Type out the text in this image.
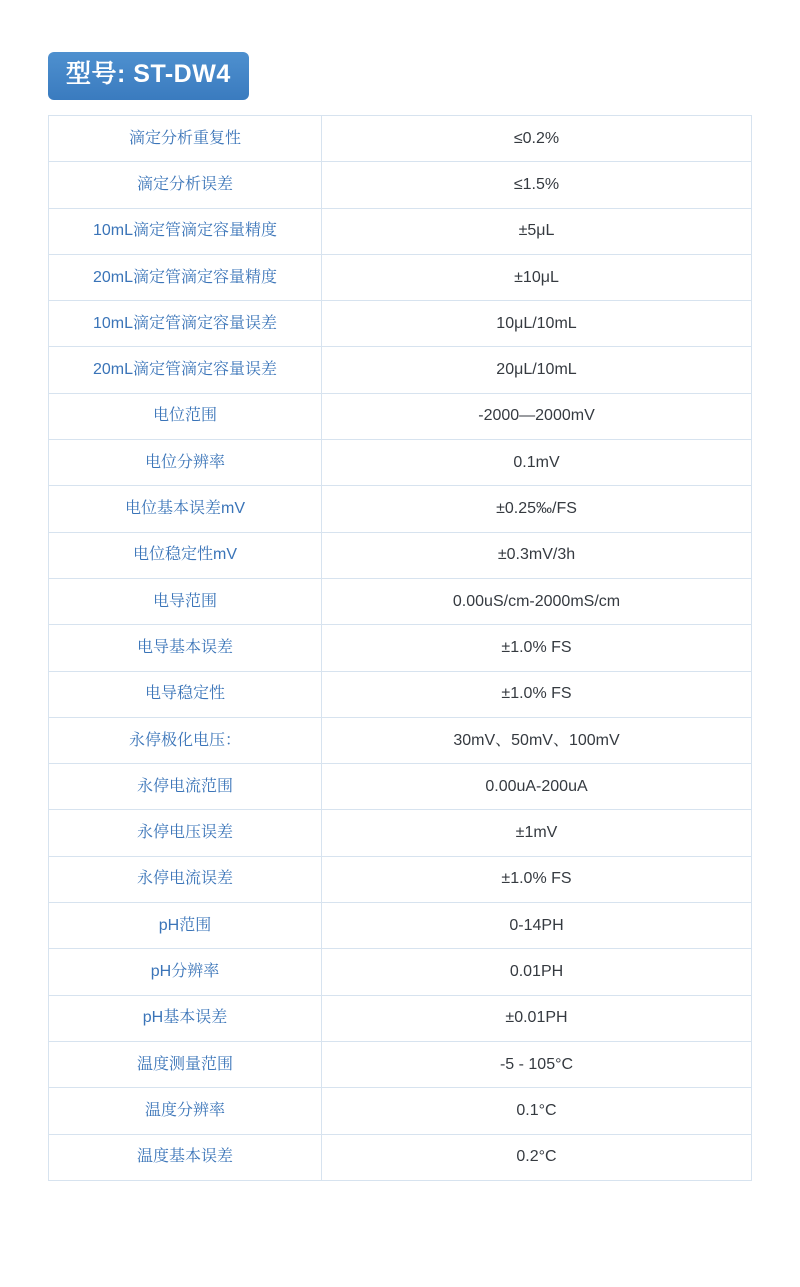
型号: ST-DW4
滴定分析重复性	≤0.2%
滴定分析误差	≤1.5%
10mL滴定管滴定容量精度	±5μL
20mL滴定管滴定容量精度	±10μL
10mL滴定管滴定容量误差	10μL/10mL
20mL滴定管滴定容量误差	20μL/10mL
电位范围	-2000—2000mV
电位分辨率	0.1mV
电位基本误差mV	±0.25‰/FS
电位稳定性mV	±0.3mV/3h
电导范围	0.00uS/cm-2000mS/cm
电导基本误差	±1.0% FS
电导稳定性	±1.0% FS
永停极化电压：	30mV、50mV、100mV
永停电流范围	0.00uA-200uA
永停电压误差	±1mV
永停电流误差	±1.0% FS
pH范围	0-14PH
pH分辨率	0.01PH
pH基本误差	±0.01PH
温度测量范围	-5 - 105°C
温度分辨率	0.1°C
温度基本误差	0.2°C
